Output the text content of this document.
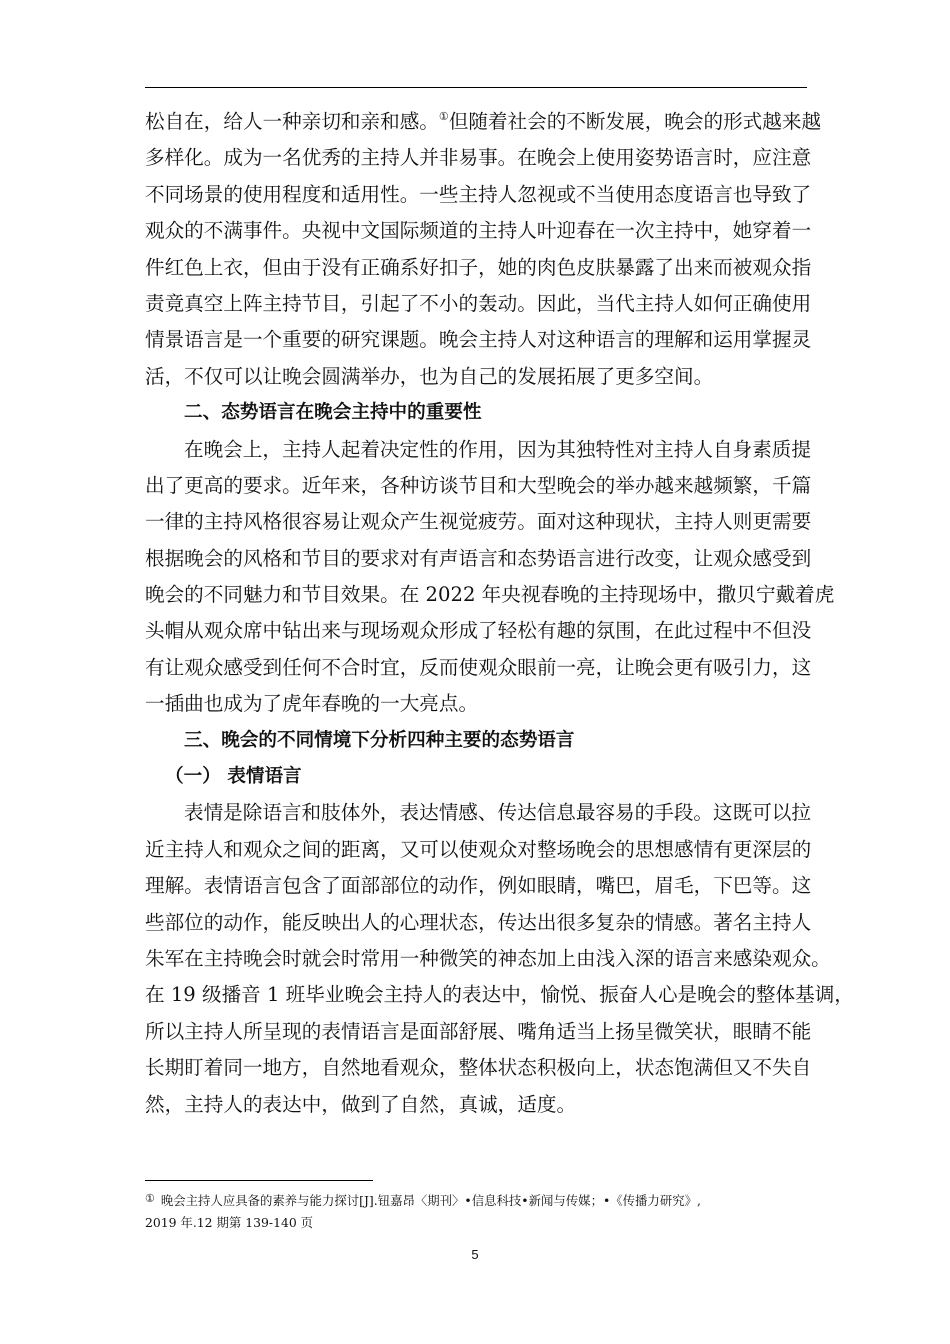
松自在，给人一种亲切和亲和感。①但随着社会的不断发展，晚会的形式越来越
多样化。成为一名优秀的主持人并非易事。在晚会上使用姿势语言时，应注意
不同场景的使用程度和适用性。一些主持人忽视或不当使用态度语言也导致了
观众的不满事件。央视中文国际频道的主持人叶迎春在一次主持中，她穿着一
件红色上衣，但由于没有正确系好扣子，她的肉色皮肤暴露了出来而被观众指
责竟真空上阵主持节目，引起了不小的轰动。因此，当代主持人如何正确使用
情景语言是一个重要的研究课题。晚会主持人对这种语言的理解和运用掌握灵
活，不仅可以让晚会圆满举办，也为自己的发展拓展了更多空间。
二、态势语言在晚会主持中的重要性
在晚会上，主持人起着决定性的作用，因为其独特性对主持人自身素质提
出了更高的要求。近年来，各种访谈节目和大型晚会的举办越来越频繁，千篇
一律的主持风格很容易让观众产生视觉疲劳。面对这种现状，主持人则更需要
根据晚会的风格和节目的要求对有声语言和态势语言进行改变，让观众感受到
晚会的不同魅力和节目效果。在 2022 年央视春晚的主持现场中，撒贝宁戴着虎
头帽从观众席中钻出来与现场观众形成了轻松有趣的氛围，在此过程中不但没
有让观众感受到任何不合时宜，反而使观众眼前一亮，让晚会更有吸引力，这
一插曲也成为了虎年春晚的一大亮点。
三、晚会的不同情境下分析四种主要的态势语言
（一） 表情语言
表情是除语言和肢体外，表达情感、传达信息最容易的手段。这既可以拉
近主持人和观众之间的距离，又可以使观众对整场晚会的思想感情有更深层的
理解。表情语言包含了面部部位的动作，例如眼睛，嘴巴，眉毛，下巴等。这
些部位的动作，能反映出人的心理状态，传达出很多复杂的情感。著名主持人
朱军在主持晚会时就会时常用一种微笑的神态加上由浅入深的语言来感染观众。
在 19 级播音 1 班毕业晚会主持人的表达中，愉悦、振奋人心是晚会的整体基调，
所以主持人所呈现的表情语言是面部舒展、嘴角适当上扬呈微笑状，眼睛不能
长期盯着同一地方，自然地看观众，整体状态积极向上，状态饱满但又不失自
然，主持人的表达中，做到了自然，真诚，适度。
① 晚会主持人应具备的素养与能力探讨[J].钮嘉昂〈期刊〉•信息科技•新闻与传媒；•《传播力研究》,
2019 年.12 期第 139-140 页
5
